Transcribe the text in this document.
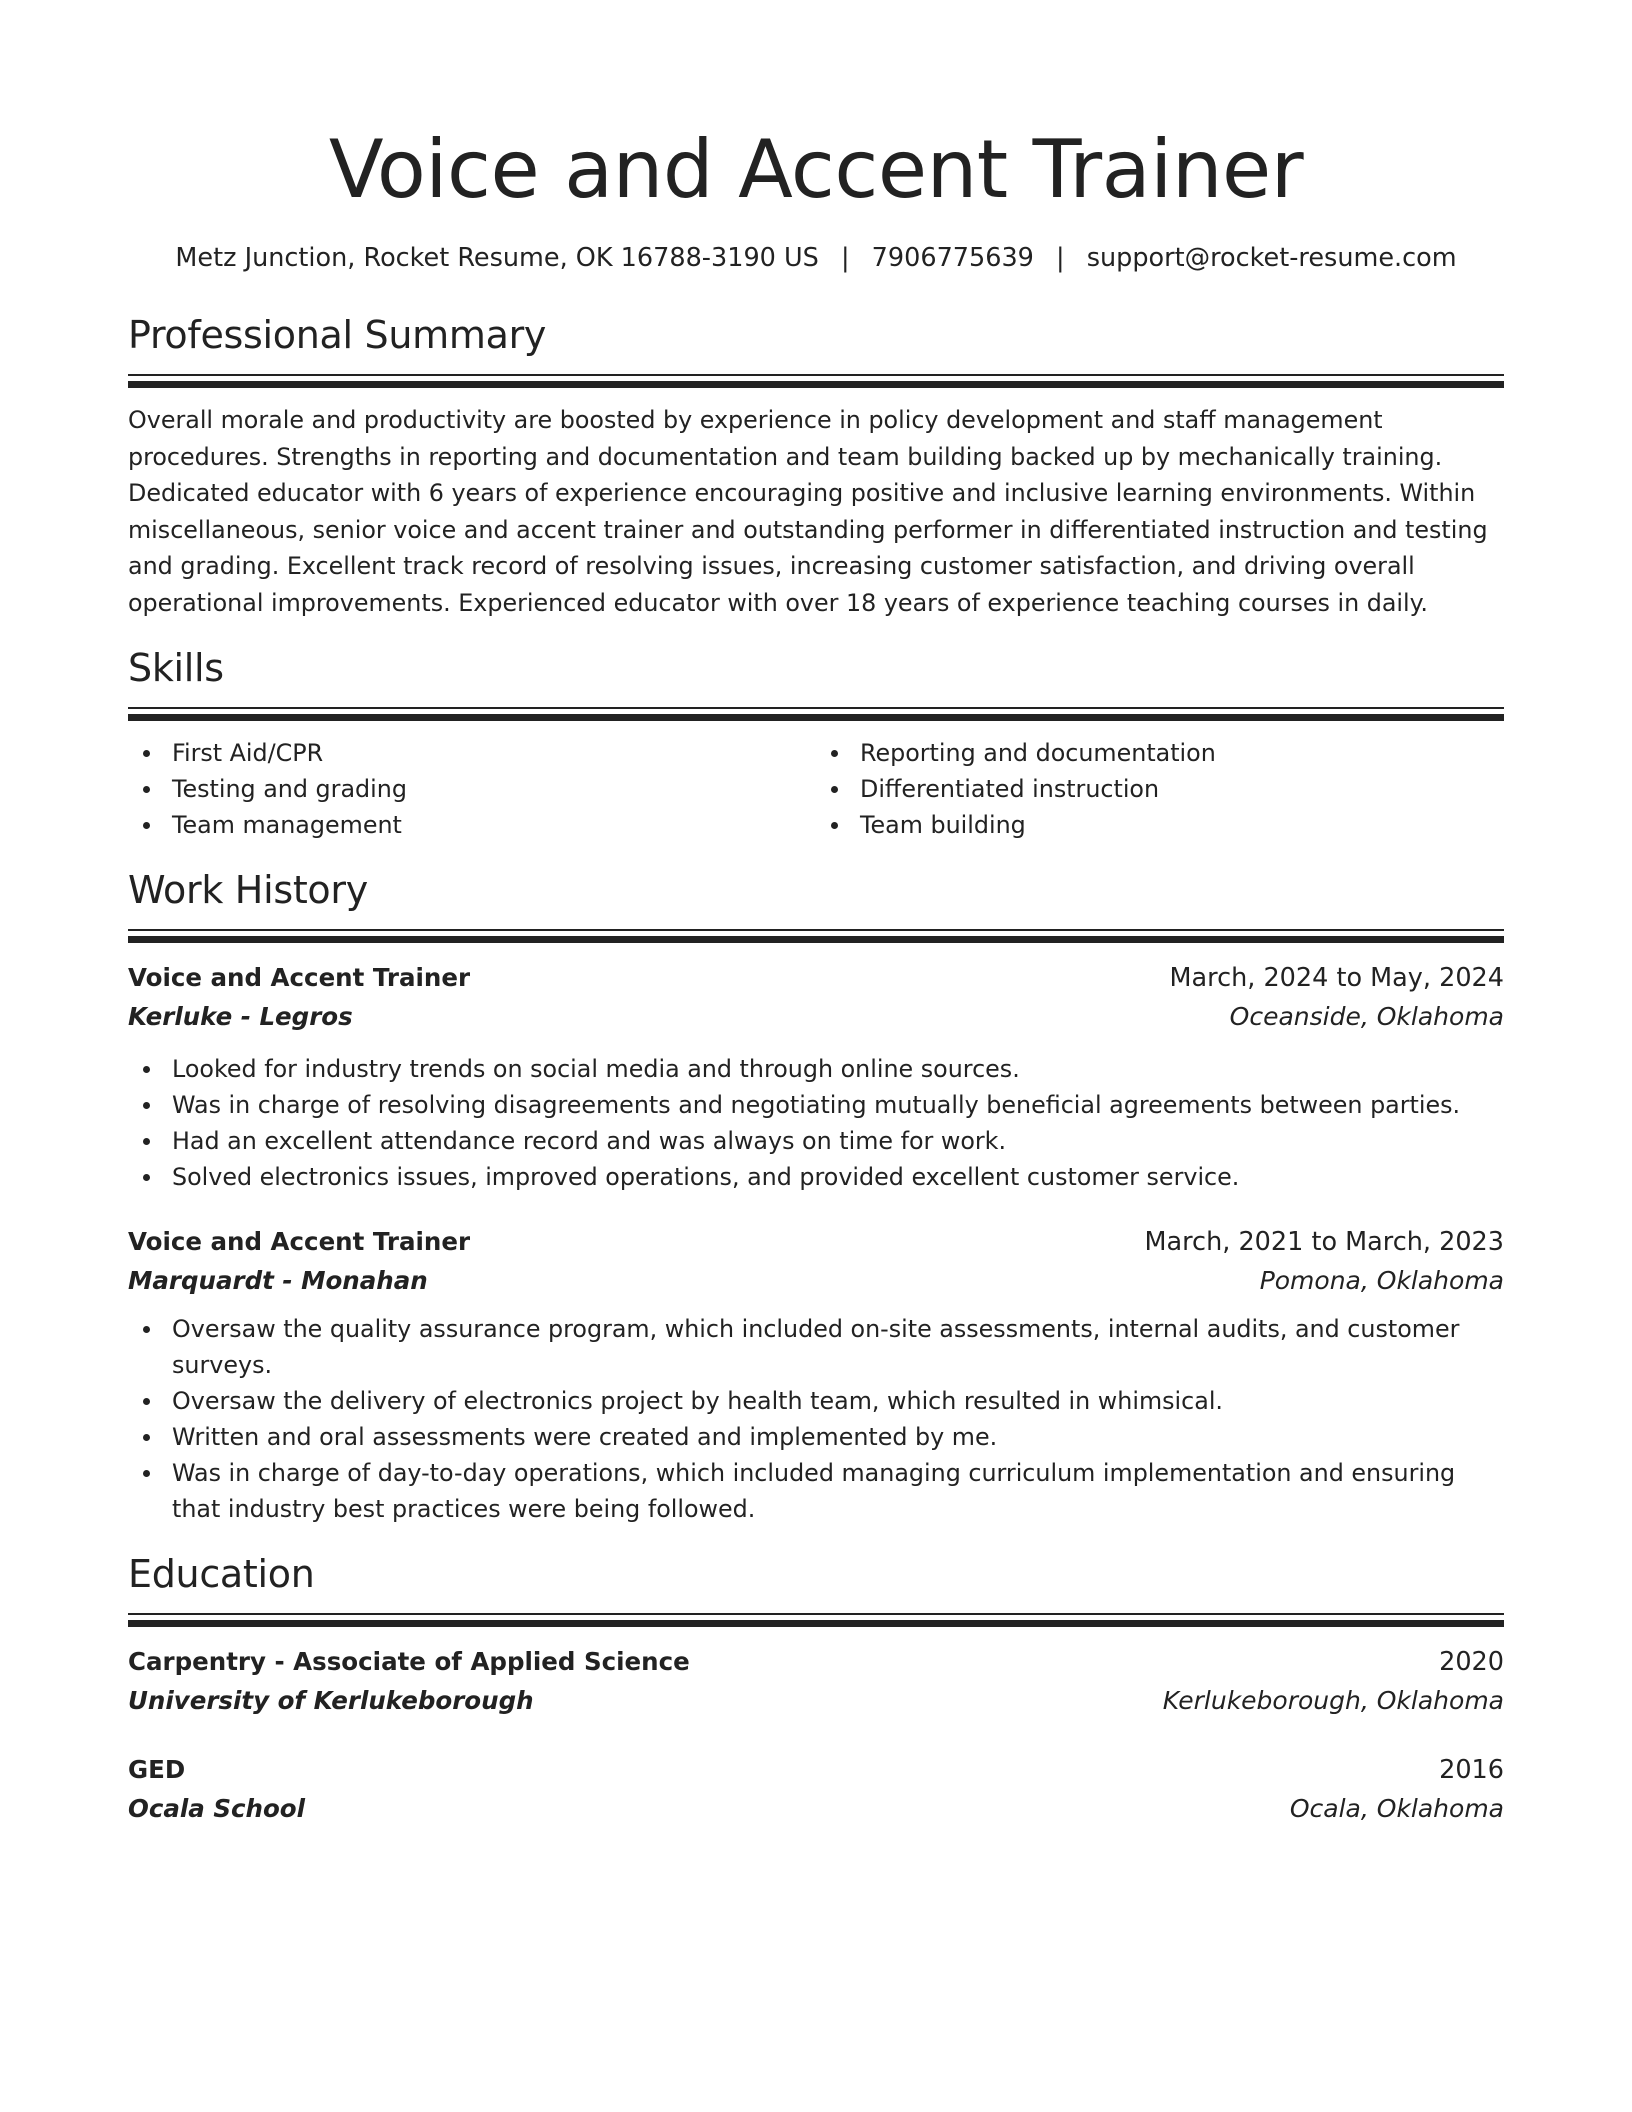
Voice and Accent Trainer
Metz Junction, Rocket Resume, OK 16788-3190 US | 7906775639 | support@rocket-resume.com
Professional Summary

Overall morale and productivity are boosted by experience in policy development and staff management procedures. Strengths in reporting and documentation and team building backed up by mechanically training. Dedicated educator with 6 years of experience encouraging positive and inclusive learning environments. Within miscellaneous, senior voice and accent trainer and outstanding performer in differentiated instruction and testing and grading. Excellent track record of resolving issues, increasing customer satisfaction, and driving overall operational improvements. Experienced educator with over 18 years of experience teaching courses in daily.

Skills
First Aid/CPR
Testing and grading
Team management
Reporting and documentation
Differentiated instruction
Team building
Work History
Voice and Accent Trainer	March, 2024 to May, 2024
Kerluke - Legros	Oceanside, Oklahoma
Looked for industry trends on social media and through online sources.
Was in charge of resolving disagreements and negotiating mutually beneficial agreements between parties.
Had an excellent attendance record and was always on time for work.
Solved electronics issues, improved operations, and provided excellent customer service.
Voice and Accent Trainer	March, 2021 to March, 2023
Marquardt - Monahan	Pomona, Oklahoma
Oversaw the quality assurance program, which included on-site assessments, internal audits, and customer surveys.
Oversaw the delivery of electronics project by health team, which resulted in whimsical.
Written and oral assessments were created and implemented by me.
Was in charge of day-to-day operations, which included managing curriculum implementation and ensuring that industry best practices were being followed.
Education
Carpentry - Associate of Applied Science	2020
University of Kerlukeborough	Kerlukeborough, Oklahoma
GED	2016
Ocala School	Ocala, Oklahoma
